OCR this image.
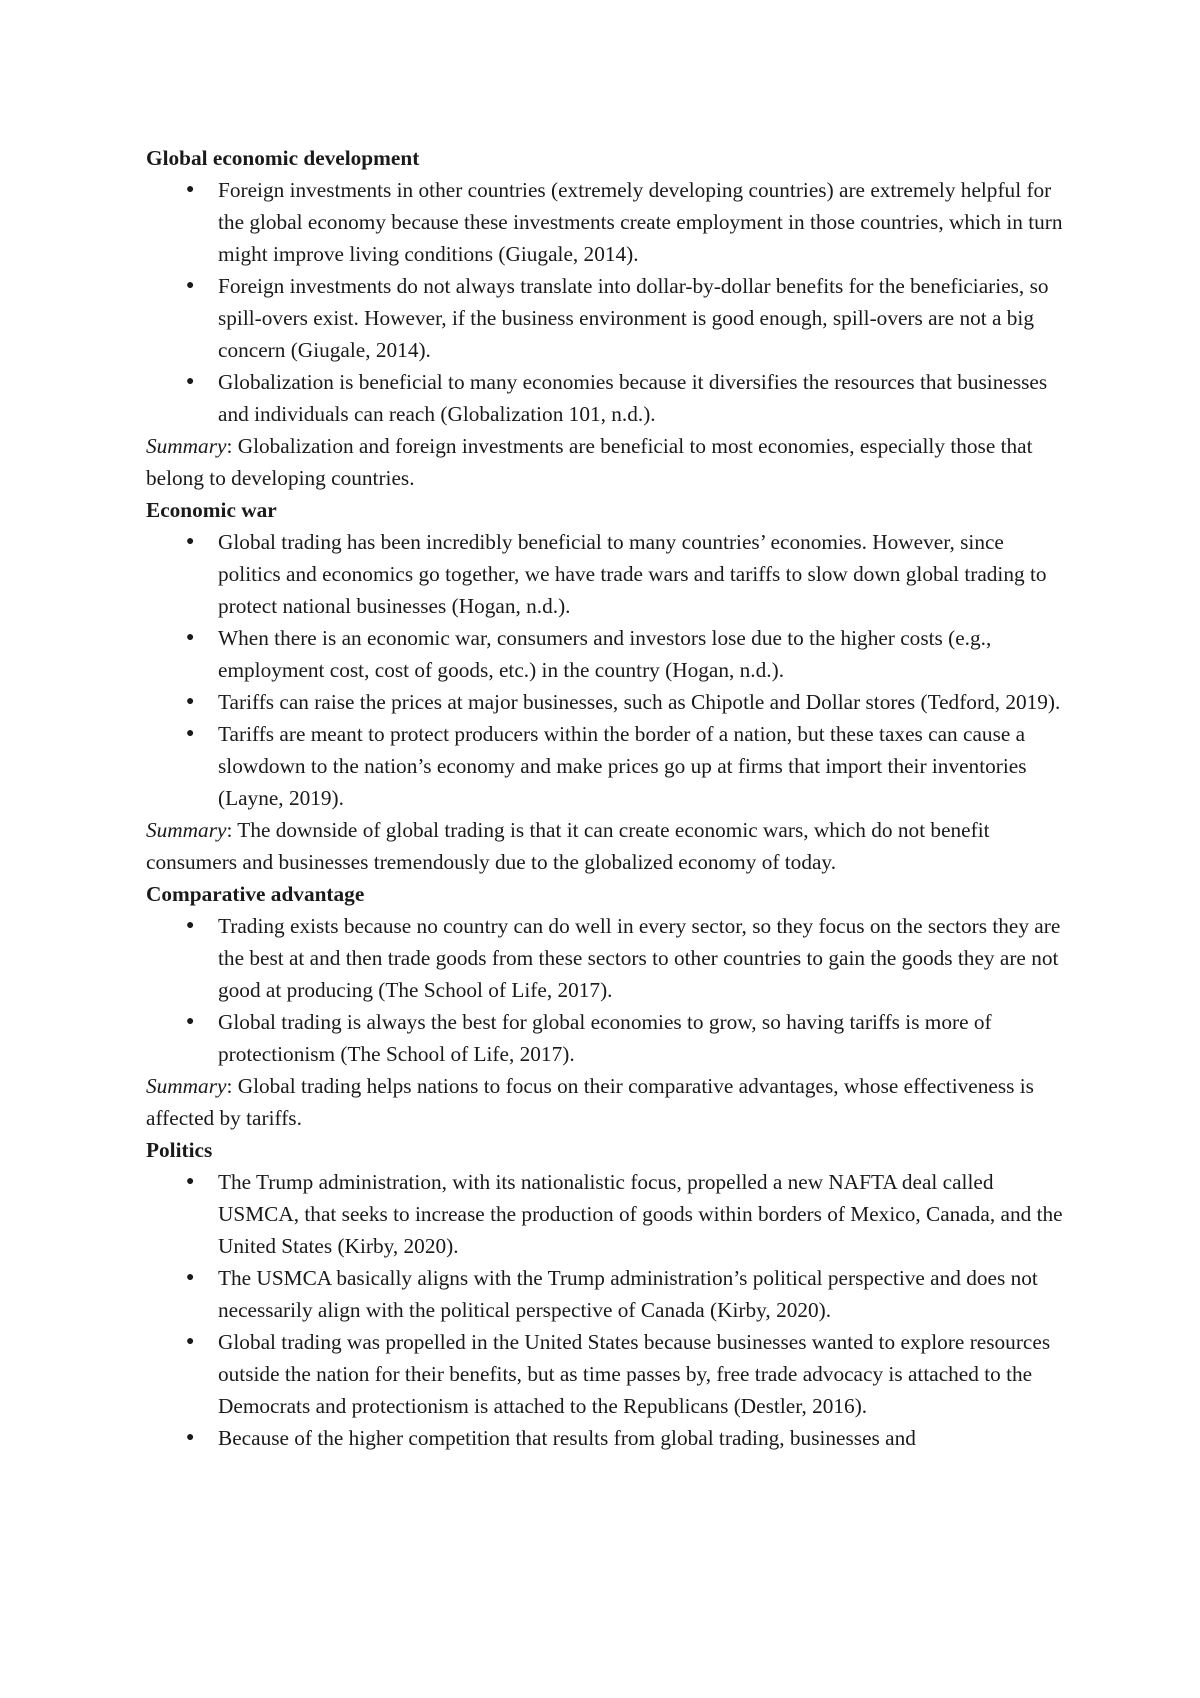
Global economic development

● Foreign investments in other countries (extremely developing countries) are extremely helpful for the global economy because these investments create employment in those countries, which in turn might improve living conditions (Giugale, 2014).
● Foreign investments do not always translate into dollar-by-dollar benefits for the beneficiaries, so spill-overs exist. However, if the business environment is good enough, spill-overs are not a big concern (Giugale, 2014).
● Globalization is beneficial to many economies because it diversifies the resources that businesses and individuals can reach (Globalization 101, n.d.).

Summary: Globalization and foreign investments are beneficial to most economies, especially those that belong to developing countries.

Economic war

● Global trading has been incredibly beneficial to many countries’ economies. However, since politics and economics go together, we have trade wars and tariffs to slow down global trading to protect national businesses (Hogan, n.d.).
● When there is an economic war, consumers and investors lose due to the higher costs (e.g., employment cost, cost of goods, etc.) in the country (Hogan, n.d.).
● Tariffs can raise the prices at major businesses, such as Chipotle and Dollar stores (Tedford, 2019).
● Tariffs are meant to protect producers within the border of a nation, but these taxes can cause a slowdown to the nation’s economy and make prices go up at firms that import their inventories (Layne, 2019).

Summary: The downside of global trading is that it can create economic wars, which do not benefit consumers and businesses tremendously due to the globalized economy of today.

Comparative advantage

● Trading exists because no country can do well in every sector, so they focus on the sectors they are the best at and then trade goods from these sectors to other countries to gain the goods they are not good at producing (The School of Life, 2017).
● Global trading is always the best for global economies to grow, so having tariffs is more of protectionism (The School of Life, 2017).

Summary: Global trading helps nations to focus on their comparative advantages, whose effectiveness is affected by tariffs.

Politics

● The Trump administration, with its nationalistic focus, propelled a new NAFTA deal called USMCA, that seeks to increase the production of goods within borders of Mexico, Canada, and the United States (Kirby, 2020).
● The USMCA basically aligns with the Trump administration’s political perspective and does not necessarily align with the political perspective of Canada (Kirby, 2020).
● Global trading was propelled in the United States because businesses wanted to explore resources outside the nation for their benefits, but as time passes by, free trade advocacy is attached to the Democrats and protectionism is attached to the Republicans (Destler, 2016).
● Because of the higher competition that results from global trading, businesses and
